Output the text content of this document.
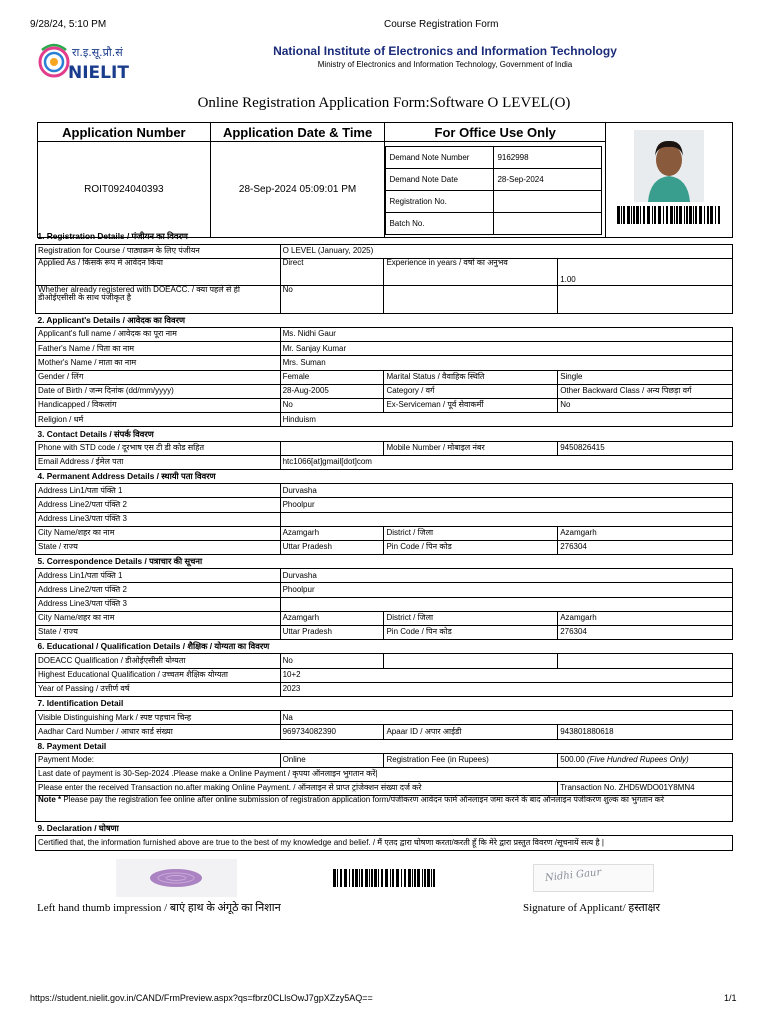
9/28/24, 5:10 PM	Course Registration Form
रा.इ.सू.प्रौ.सं
NIELIT
National Institute of Electronics and Information Technology
Ministry of Electronics and Information Technology, Government of India
Online Registration Application Form:Software O LEVEL(O)
Application Number	Application Date & Time	For Office Use Only	

ROIT0924040393	28-Sep-2024 05:09:01 PM	
Demand Note Number	9162998
Demand Note Date	28-Sep-2024
Registration No.	
Batch No.	
1. Registration Details / पंजीयन का विवरण			
Registration for Course / पाठ्यक्रम के लिए पंजीयन	O LEVEL (January, 2025)		
Applied As / किसके रूप में आवेदन किया	Direct	Experience in years / वर्षो का अनुभव	1.00
Whether already registered with DOEACC. / क्या पहले से ही डीओईएसीसी के साथ पंजीकृत है	No		
2. Applicant's Details / आवेदक का विवरण			
Applicant's full name / आवेदक का पूरा नाम	Ms. Nidhi Gaur		
Father's Name / पिता का नाम	Mr. Sanjay Kumar		
Mother's Name / माता का नाम	Mrs. Suman		
Gender / लिंग	Female	Marital Status / वैवाहिक स्थिति	Single
Date of Birth / जन्म दिनांक (dd/mm/yyyy)	28-Aug-2005	Category / वर्ग	Other Backward Class / अन्य पिछड़ा वर्ग
Handicapped / विकलांग	No	Ex-Serviceman / पूर्व सेवाकर्मी	No
Religion / धर्म	Hinduism		
3. Contact Details / संपर्क विवरण			
Phone with STD code / दूरभाष एस टी डी कोड सहित		Mobile Number / मोबाइल नंबर	9450826415
Email Address / ईमेल पता	htc1066[at]gmail[dot]com		
4. Permanent Address Details / स्थायी पता विवरण			
Address Lin1/पता पंक्ति 1	Durvasha		
Address Line2/पता पंक्ति 2	Phoolpur		
Address Line3/पता पंक्ति 3			
City Name/शहर का नाम	Azamgarh	District / जिला	Azamgarh
State / राज्य	Uttar Pradesh	Pin Code / पिन कोड	276304
5. Correspondence Details / पत्राचार की सूचना			
Address Lin1/पता पंक्ति 1	Durvasha		
Address Line2/पता पंक्ति 2	Phoolpur		
Address Line3/पता पंक्ति 3			
City Name/शहर का नाम	Azamgarh	District / जिला	Azamgarh
State / राज्य	Uttar Pradesh	Pin Code / पिन कोड	276304
6. Educational / Qualification Details / शैक्षिक / योग्यता का विवरण			
DOEACC Qualification / डीओईएसीसी योग्यता	No		
Highest Educational Qualification / उच्चतम शैक्षिक योग्यता	10+2		
Year of Passing / उत्तीर्ण वर्ष	2023		
7. Identification Detail			
Visible Distinguishing Mark / स्पष्ट पहचान चिन्ह	Na		
Aadhar Card Number / आधार कार्ड संख्या	969734082390	Apaar ID / अपार आईडी	943801880618
8. Payment Detail			
Payment Mode:	Online	Registration Fee (in Rupees)	500.00 (Five Hundred Rupees Only)
Last date of payment is 30-Sep-2024 .Please make a Online Payment / कृपया ऑनलाइन भुगतान करें|			
Please enter the received Transaction no.after making Online Payment. / ऑनलाइन से प्राप्त ट्रांजेक्शन संख्या दर्ज करे			Transaction No. ZHD5WDO01Y8MN4
Note * Please pay the registration fee online after online submission of registration application form/पंजीकरण आवेदन फार्म ऑनलाइन जमा करने के बाद ऑनलाइन पंजीकरण शुल्क का भुगतान करें			
9. Declaration / घोषणा			
Certified that, the information furnished above are true to the best of my knowledge and belief. / मैं एतद द्वारा घोषणा करता/करती हूँ कि मेरे द्वारा प्रस्तुत विवरण /सूचनायें सत्य है |			
Nidhi Gaur
Left hand thumb impression / बाएं हाथ के अंगूठे का निशान	Signature of Applicant/ हस्ताक्षर
https://student.nielit.gov.in/CAND/FrmPreview.aspx?qs=fbrz0CLlsOwJ7gpXZzy5AQ==	1/1
